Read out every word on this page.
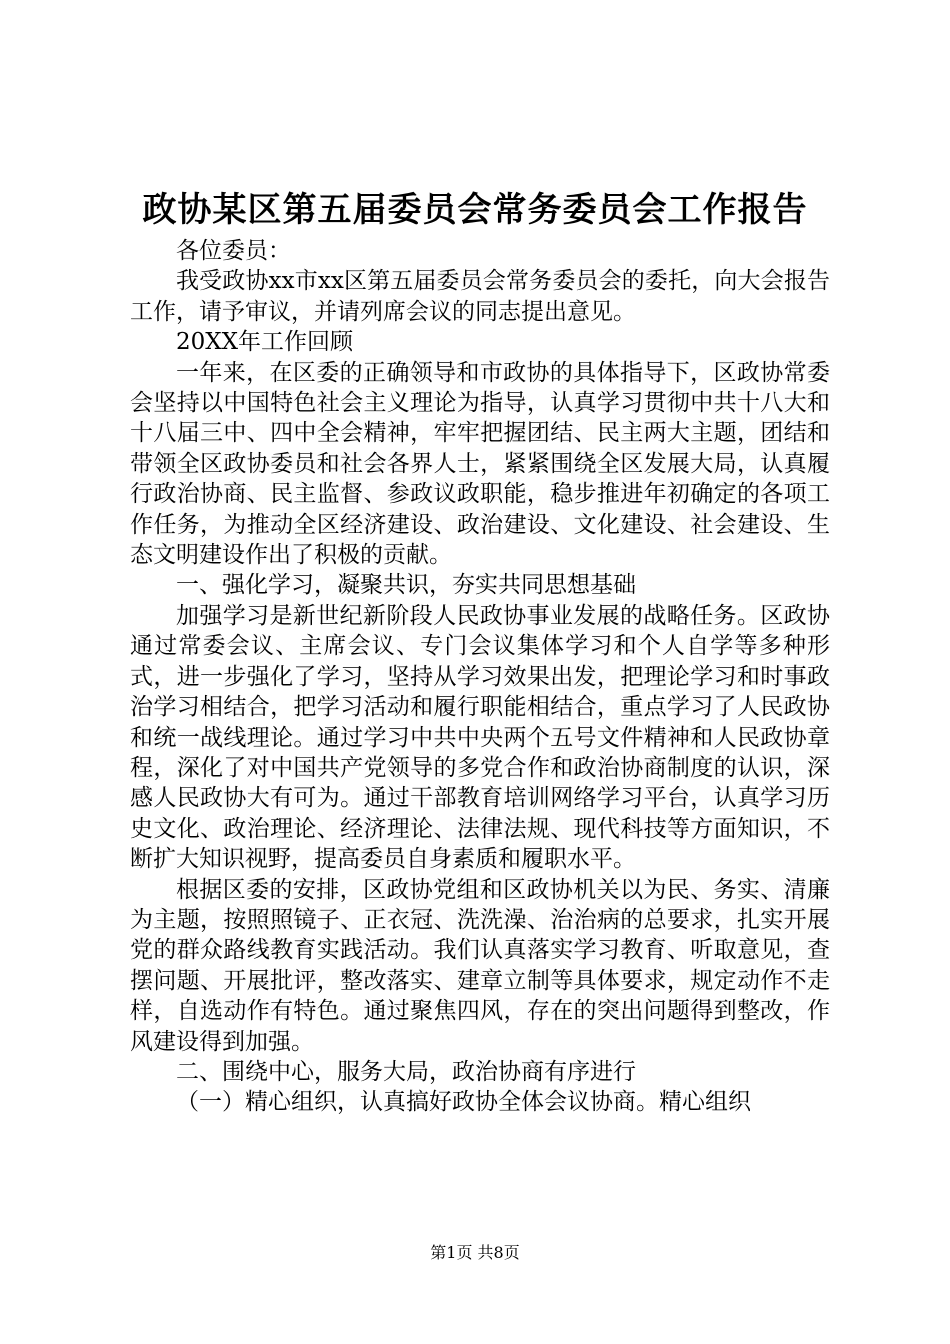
政协某区第五届委员会常务委员会工作报告

各位委员：

我受政协xx市xx区第五届委员会常务委员会的委托，向大会报告工作，请予审议，并请列席会议的同志提出意见。

20XX年工作回顾

一年来，在区委的正确领导和市政协的具体指导下，区政协常委会坚持以中国特色社会主义理论为指导，认真学习贯彻中共十八大和十八届三中、四中全会精神，牢牢把握团结、民主两大主题，团结和带领全区政协委员和社会各界人士，紧紧围绕全区发展大局，认真履行政治协商、民主监督、参政议政职能，稳步推进年初确定的各项工作任务，为推动全区经济建设、政治建设、文化建设、社会建设、生态文明建设作出了积极的贡献。

一、强化学习，凝聚共识，夯实共同思想基础

加强学习是新世纪新阶段人民政协事业发展的战略任务。区政协通过常委会议、主席会议、专门会议集体学习和个人自学等多种形式，进一步强化了学习，坚持从学习效果出发，把理论学习和时事政治学习相结合，把学习活动和履行职能相结合，重点学习了人民政协和统一战线理论。通过学习中共中央两个五号文件精神和人民政协章程，深化了对中国共产党领导的多党合作和政治协商制度的认识，深感人民政协大有可为。通过干部教育培训网络学习平台，认真学习历史文化、政治理论、经济理论、法律法规、现代科技等方面知识，不断扩大知识视野，提高委员自身素质和履职水平。

根据区委的安排，区政协党组和区政协机关以为民、务实、清廉为主题，按照照镜子、正衣冠、洗洗澡、治治病的总要求，扎实开展党的群众路线教育实践活动。我们认真落实学习教育、听取意见，查摆问题、开展批评，整改落实、建章立制等具体要求，规定动作不走样，自选动作有特色。通过聚焦四风，存在的突出问题得到整改，作风建设得到加强。

二、围绕中心，服务大局，政治协商有序进行

（一）精心组织，认真搞好政协全体会议协商。精心组织

第1页 共8页
